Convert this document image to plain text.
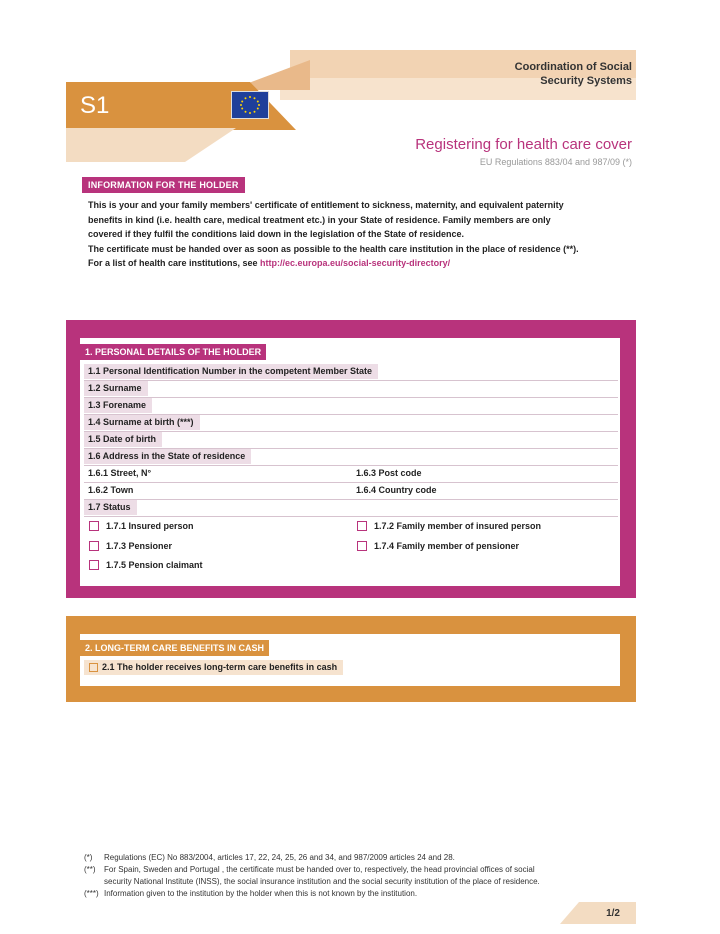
S1
Coordination of Social
Security Systems
Registering for health care cover
EU Regulations 883/04 and 987/09 (*)
INFORMATION FOR THE HOLDER
This is your and your family members' certificate of entitlement to sickness, maternity, and equivalent paternity
benefits in kind (i.e. health care, medical treatment etc.) in your State of residence. Family members are only
covered if they fulfil the conditions laid down in the legislation of the State of residence.
The certificate must be handed over as soon as possible to the health care institution in the place of residence (**).
For a list of health care institutions, see http://ec.europa.eu/social-security-directory/
1. PERSONAL DETAILS OF THE HOLDER
1.1 Personal Identification Number in the competent Member State
1.2 Surname
1.3 Forename
1.4 Surname at birth (***)
1.5 Date of birth
1.6 Address in the State of residence
1.6.1 Street, N°	1.6.3 Post code
1.6.2 Town	1.6.4 Country code
1.7 Status
1.7.1 Insured person	1.7.2 Family member of insured person
1.7.3 Pensioner	1.7.4 Family member of pensioner
1.7.5 Pension claimant
2. LONG-TERM CARE BENEFITS IN CASH
2.1 The holder receives long-term care benefits in cash
(*) Regulations (EC) No 883/2004, articles 17, 22, 24, 25, 26 and 34, and 987/2009 articles 24 and 28.
(**) For Spain, Sweden and Portugal , the certificate must be handed over to, respectively, the head provincial offices of social
security National Institute (INSS), the social insurance institution and the social security institution of the place of residence.
(***) Information given to the institution by the holder when this is not known by the institution.
1/2
